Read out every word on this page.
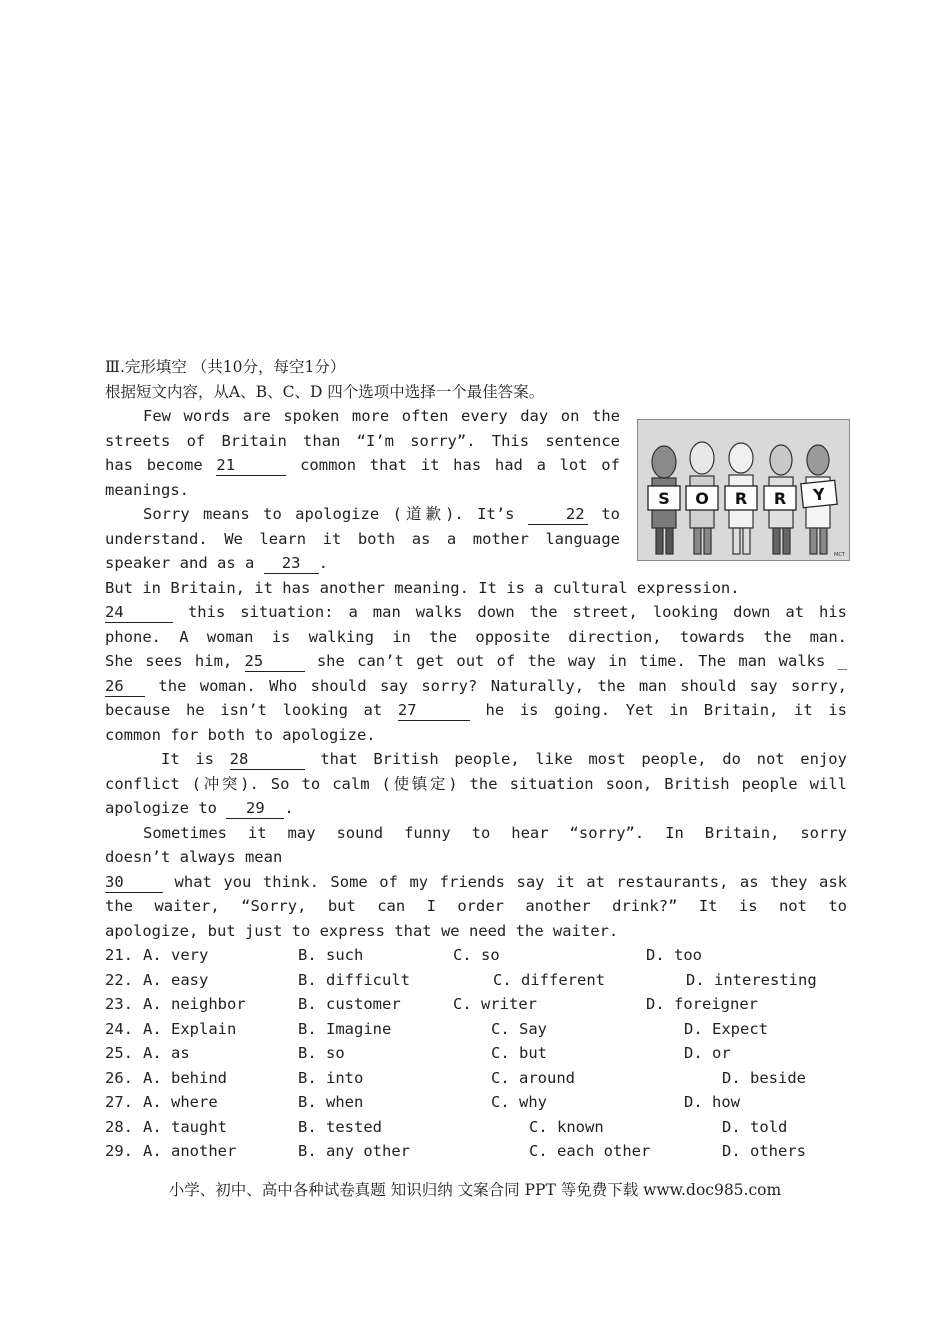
Ⅲ.完形填空 （共10分，每空1分）
根据短文内容，从A、B、C、D 四个选项中选择一个最佳答案。
Few words are spoken more often every day on the
streets of Britain than “I’m sorry”. This sentence
has become 21	common that it has had a lot of
meanings.
Sorry means to apologize (道歉). It’s	22 to
understand. We learn it both as a mother language
speaker and as a 23 .
But in Britain, it has another meaning. It is a cultural expression.
24	this situation: a man walks down the street, looking down at his
phone. A woman is walking in the opposite direction, towards the man.
She sees him, 25	she can’t get out of the way in time. The man walks _
26 the woman. Who should say sorry? Naturally, the man should say sorry,
because he isn’t looking at 27	he is going. Yet in Britain, it is
common for both to apologize.
It is 28	that British people, like most people, do not enjoy
conflict (冲突). So to calm (使镇定) the situation soon, British people will
apologize to 29 .
Sometimes it may sound funny to hear “sorry”. In Britain, sorry
doesn’t always mean
30	what you think. Some of my friends say it at restaurants, as they ask
the waiter, “Sorry, but can I order another drink?” It is not to
apologize, but just to express that we need the waiter.
21. A. very	B. such	C. so	D. too
22. A. easy	B. difficult	C. different	D. interesting
23. A. neighbor	B. customer	C. writer	D. foreigner
24. A. Explain	B. Imagine	C. Say	D. Expect
25. A. as	B. so	C. but	D. or
26. A. behind	B. into	C. around	D. beside
27. A. where	B. when	C. why	D. how
28. A. taught	B. tested	C. known	D. told
29. A. another	B. any other	C. each other	D. others
S O R R Y
MCT
小学、初中、高中各种试卷真题 知识归纳 文案合同 PPT 等免费下载 www.doc985.com
